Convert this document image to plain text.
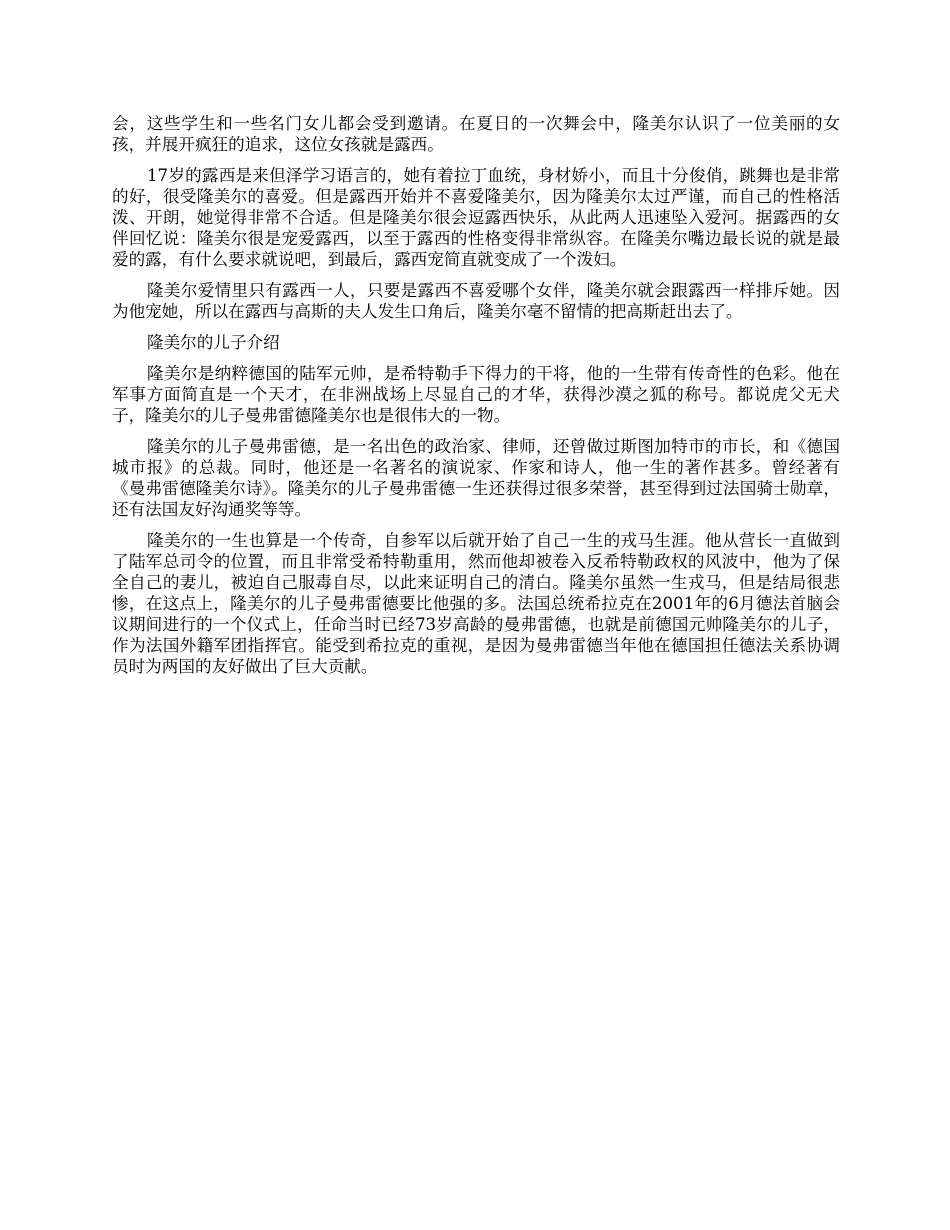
会，这些学生和一些名门女儿都会受到邀请。在夏日的一次舞会中，隆美尔认识了一位美丽的女孩，并展开疯狂的追求，这位女孩就是露西。

17岁的露西是来但泽学习语言的，她有着拉丁血统，身材娇小，而且十分俊俏，跳舞也是非常的好，很受隆美尔的喜爱。但是露西开始并不喜爱隆美尔，因为隆美尔太过严谨，而自己的性格活泼、开朗，她觉得非常不合适。但是隆美尔很会逗露西快乐，从此两人迅速坠入爱河。据露西的女伴回忆说：隆美尔很是宠爱露西，以至于露西的性格变得非常纵容。在隆美尔嘴边最长说的就是最爱的露，有什么要求就说吧，到最后，露西宠简直就变成了一个泼妇。

隆美尔爱情里只有露西一人，只要是露西不喜爱哪个女伴，隆美尔就会跟露西一样排斥她。因为他宠她，所以在露西与高斯的夫人发生口角后，隆美尔毫不留情的把高斯赶出去了。

隆美尔的儿子介绍

隆美尔是纳粹德国的陆军元帅，是希特勒手下得力的干将，他的一生带有传奇性的色彩。他在军事方面简直是一个天才，在非洲战场上尽显自己的才华，获得沙漠之狐的称号。都说虎父无犬子，隆美尔的儿子曼弗雷德隆美尔也是很伟大的一物。

隆美尔的儿子曼弗雷德，是一名出色的政治家、律师，还曾做过斯图加特市的市长，和《德国城市报》的总裁。同时，他还是一名著名的演说家、作家和诗人，他一生的著作甚多。曾经著有《曼弗雷德隆美尔诗》。隆美尔的儿子曼弗雷德一生还获得过很多荣誉，甚至得到过法国骑士勋章，还有法国友好沟通奖等等。

隆美尔的一生也算是一个传奇，自参军以后就开始了自己一生的戎马生涯。他从营长一直做到了陆军总司令的位置，而且非常受希特勒重用，然而他却被卷入反希特勒政权的风波中，他为了保全自己的妻儿，被迫自己服毒自尽，以此来证明自己的清白。隆美尔虽然一生戎马，但是结局很悲惨，在这点上，隆美尔的儿子曼弗雷德要比他强的多。法国总统希拉克在2001年的6月德法首脑会议期间进行的一个仪式上，任命当时已经73岁高龄的曼弗雷德，也就是前德国元帅隆美尔的儿子，作为法国外籍军团指挥官。能受到希拉克的重视，是因为曼弗雷德当年他在德国担任德法关系协调员时为两国的友好做出了巨大贡献。
